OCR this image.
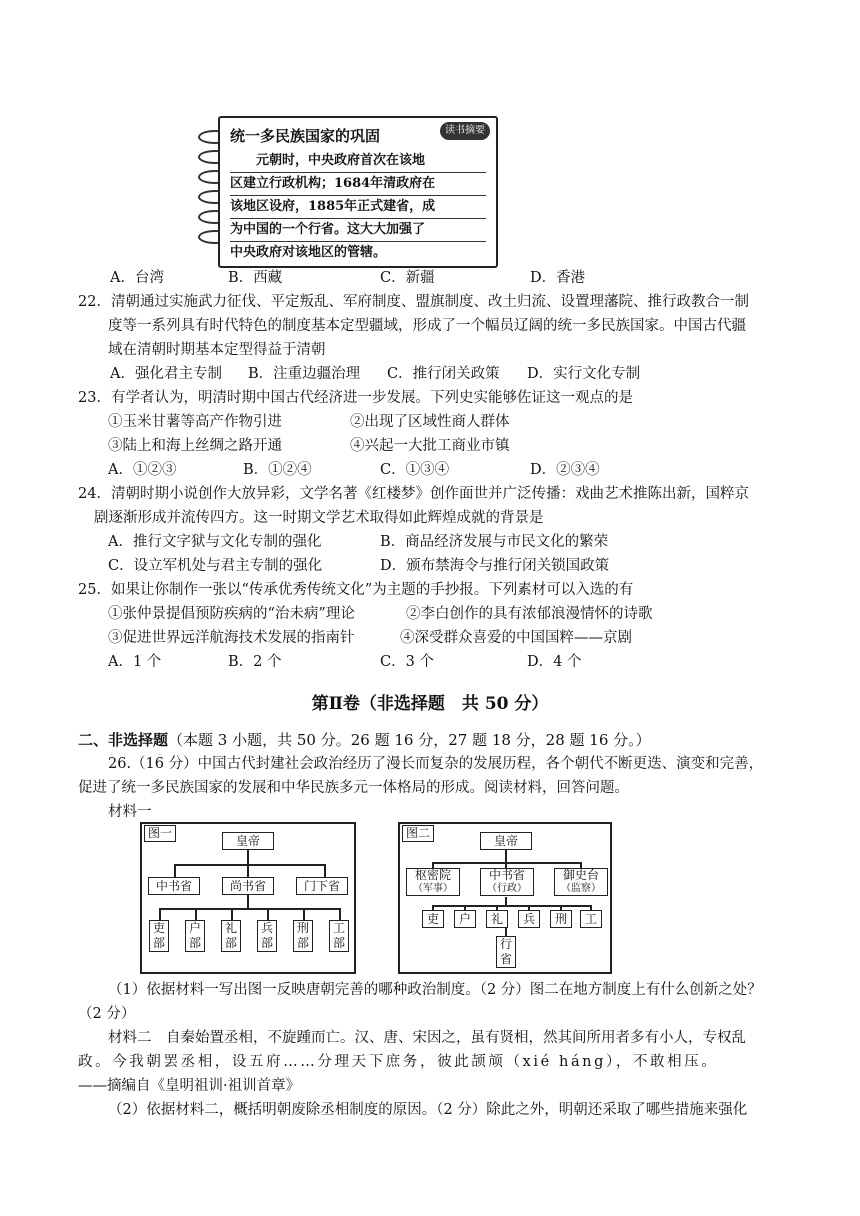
统一多民族国家的巩固	读书摘要
　　元朝时，中央政府首次在该地
区建立行政机构；1684年清政府在
该地区设府，1885年正式建省，成
为中国的一个行省。这大大加强了
中央政府对该地区的管辖。
A．台湾	B．西藏	C．新疆	D．香港
22．清朝通过实施武力征伐、平定叛乱、军府制度、盟旗制度、改土归流、设置理藩院、推行政教合一制
度等一系列具有时代特色的制度基本定型疆域，形成了一个幅员辽阔的统一多民族国家。中国古代疆
域在清朝时期基本定型得益于清朝
A．强化君主专制 B．注重边疆治理 C．推行闭关政策 D．实行文化专制
23．有学者认为，明清时期中国古代经济进一步发展。下列史实能够佐证这一观点的是
①玉米甘薯等高产作物引进	②出现了区域性商人群体
③陆上和海上丝绸之路开通	④兴起一大批工商业市镇
A．①②③	B．①②④	C．①③④	D．②③④
24．清朝时期小说创作大放异彩，文学名著《红楼梦》创作面世并广泛传播：戏曲艺术推陈出新，国粹京
剧逐渐形成并流传四方。这一时期文学艺术取得如此辉煌成就的背景是
A．推行文字狱与文化专制的强化	B．商品经济发展与市民文化的繁荣
C．设立军机处与君主专制的强化	D．颁布禁海令与推行闭关锁国政策
25．如果让你制作一张以“传承优秀传统文化”为主题的手抄报。下列素材可以入选的有
①张仲景提倡预防疾病的“治未病”理论	②李白创作的具有浓郁浪漫情怀的诗歌
③促进世界远洋航海技术发展的指南针	④深受群众喜爱的中国国粹——京剧
A．1 个	B．2 个	C．3 个	D．4 个
第Ⅱ卷（非选择题　共 50 分）
二、非选择题（本题 3 小题，共 50 分。26 题 16 分，27 题 18 分，28 题 16 分。）
26.（16 分）中国古代封建社会政治经历了漫长而复杂的发展历程，各个朝代不断更迭、演变和完善，
促进了统一多民族国家的发展和中华民族多元一体格局的形成。阅读材料，回答问题。
材料一
图一
皇帝
中书省	尚书省	门下省
吏部
户部
礼部
兵部
刑部
工部
图二
皇帝
枢密院
（军事）
中书省
（行政）
御史台
（监察）
吏	户	礼	兵	刑	工
行省
（1）依据材料一写出图一反映唐朝完善的哪种政治制度。（2 分）图二在地方制度上有什么创新之处？
（2 分）
材料二　自秦始置丞相，不旋踵而亡。汉、唐、宋因之，虽有贤相，然其间所用者多有小人，专权乱
政。今我朝罢丞相，设五府……分理天下庶务，彼此颉颃（xié háng），不敢相压。
——摘编自《皇明祖训·祖训首章》
（2）依据材料二，概括明朝废除丞相制度的原因。（2 分）除此之外，明朝还采取了哪些措施来强化
